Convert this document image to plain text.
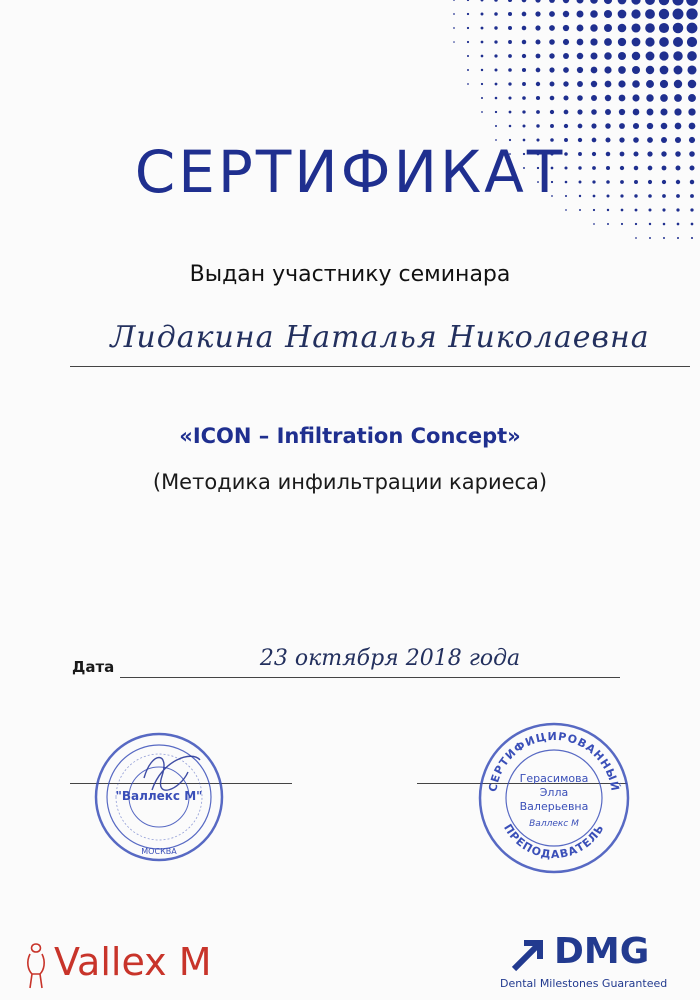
СЕРТИФИКАТ
Выдан участнику семинара
Лидакина Наталья Николаевна
«ICON – Infiltration Concept»
(Методика инфильтрации кариеса)
Дата	23 октября 2018 года
"Валлекс М"
МОСКВА
СЕРТИФИЦИРОВАННЫЙ
ПРЕПОДАВАТЕЛЬ
Герасимова
Элла
Валерьевна
Валлекс М
Vallex M	DMG
Dental Milestones Guaranteed
